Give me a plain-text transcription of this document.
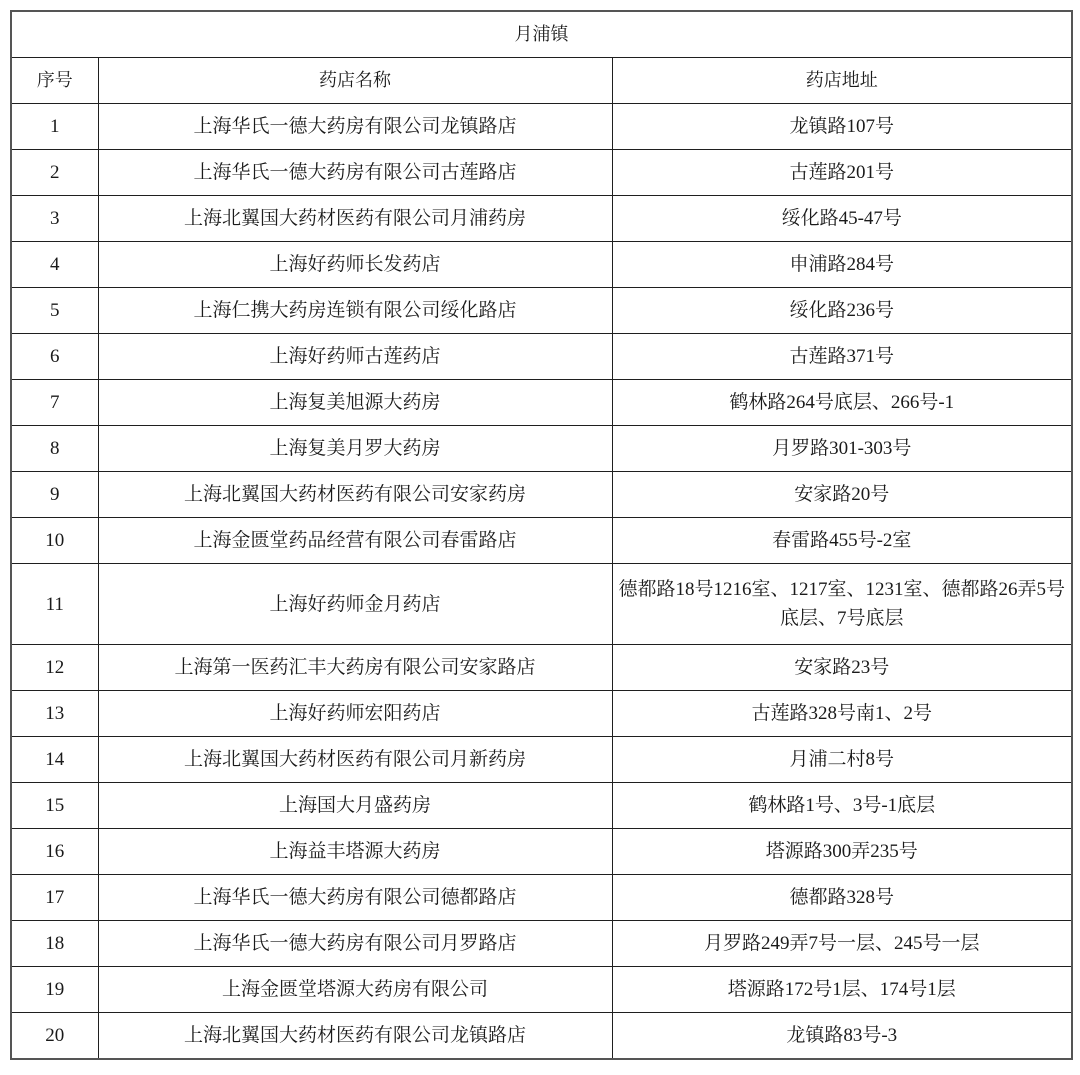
月浦镇		
序号	药店名称	药店地址
1	上海华氏一德大药房有限公司龙镇路店	龙镇路107号
2	上海华氏一德大药房有限公司古莲路店	古莲路201号
3	上海北翼国大药材医药有限公司月浦药房	绥化路45-47号
4	上海好药师长发药店	申浦路284号
5	上海仁携大药房连锁有限公司绥化路店	绥化路236号
6	上海好药师古莲药店	古莲路371号
7	上海复美旭源大药房	鹤林路264号底层、266号-1
8	上海复美月罗大药房	月罗路301-303号
9	上海北翼国大药材医药有限公司安家药房	安家路20号
10	上海金匮堂药品经营有限公司春雷路店	春雷路455号-2室
11	上海好药师金月药店	德都路18号1216室、1217室、1231室、德都路26弄5号底层、7号底层
12	上海第一医药汇丰大药房有限公司安家路店	安家路23号
13	上海好药师宏阳药店	古莲路328号南1、2号
14	上海北翼国大药材医药有限公司月新药房	月浦二村8号
15	上海国大月盛药房	鹤林路1号、3号-1底层
16	上海益丰塔源大药房	塔源路300弄235号
17	上海华氏一德大药房有限公司德都路店	德都路328号
18	上海华氏一德大药房有限公司月罗路店	月罗路249弄7号一层、245号一层
19	上海金匮堂塔源大药房有限公司	塔源路172号1层、174号1层
20	上海北翼国大药材医药有限公司龙镇路店	龙镇路83号-3
